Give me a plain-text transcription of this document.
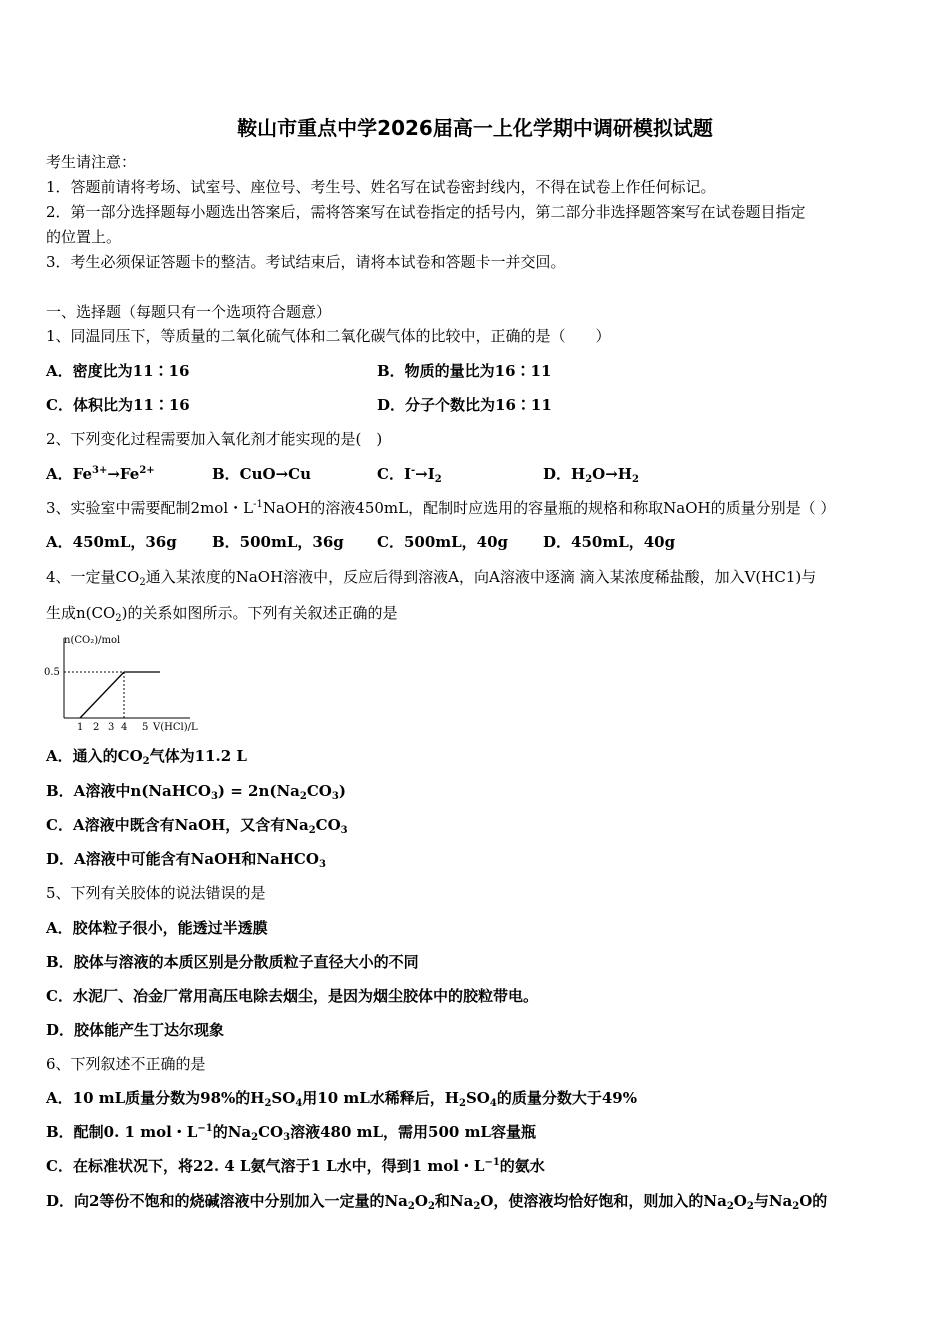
鞍山市重点中学2026届高一上化学期中调研模拟试题
考生请注意：
1．答题前请将考场、试室号、座位号、考生号、姓名写在试卷密封线内，不得在试卷上作任何标记。
2．第一部分选择题每小题选出答案后，需将答案写在试卷指定的括号内，第二部分非选择题答案写在试卷题目指定
的位置上。
3．考生必须保证答题卡的整洁。考试结束后，请将本试卷和答题卡一并交回。
一、选择题（每题只有一个选项符合题意）
1、同温同压下，等质量的二氧化硫气体和二氧化碳气体的比较中，正确的是（　　）
A．密度比为11∶16	B．物质的量比为16∶11
C．体积比为11∶16	D．分子个数比为16∶11
2、下列变化过程需要加入氧化剂才能实现的是(　)
A．$Fe^{3+}\to Fe^{2+}$	B．CuO→Cu	C．$I^-\to I_2$	D．$H_2O\to H_2$
3、实验室中需要配制2mol・$L^{-1}NaOH$的溶液450mL，配制时应选用的容量瓶的规格和称取NaOH的质量分别是（ ）
A．450mL，36g B．500mL，36g C．500mL，40g D．450mL，40g
4、一定量$CO_2$通入某浓度的NaOH溶液中，反应后得到溶液A，向A溶液中逐滴 滴入某浓度稀盐酸，加入V(HC1)与
生成$n(CO_2)$的关系如图所示。下列有关叙述正确的是
n(CO₂)/mol
0.5
1 2 3 4 5 V(HCl)/L
A．通入的$CO_2$气体为11.2 L
B．A溶液中n(NaHCO$_3$) = $2n(Na_2CO_3)$
C．A溶液中既含有NaOH，又含有$Na_2CO_3$
D．A溶液中可能含有NaOH和NaHCO$_3$
5、下列有关胶体的说法错误的是
A．胶体粒子很小，能透过半透膜
B．胶体与溶液的本质区别是分散质粒子直径大小的不同
C．水泥厂、冶金厂常用高压电除去烟尘，是因为烟尘胶体中的胶粒带电。
D．胶体能产生丁达尔现象
6、下列叙述不正确的是
A．10 mL质量分数为98%的$H_2SO_4$用10 mL水稀释后，$H_2SO_4$的质量分数大于49%
B．配制0. 1 mol・$L^{-1}$的$Na_2CO_3$溶液480 mL，需用500 mL容量瓶
C．在标准状况下，将22. 4 L氨气溶于1 L水中，得到1 mol・$L^{-1}$的氨水
D．向2等份不饱和的烧碱溶液中分别加入一定量的$Na_2O_2$和$Na_2O$，使溶液均恰好饱和，则加入的$Na_2O_2$与$Na_2O$的
